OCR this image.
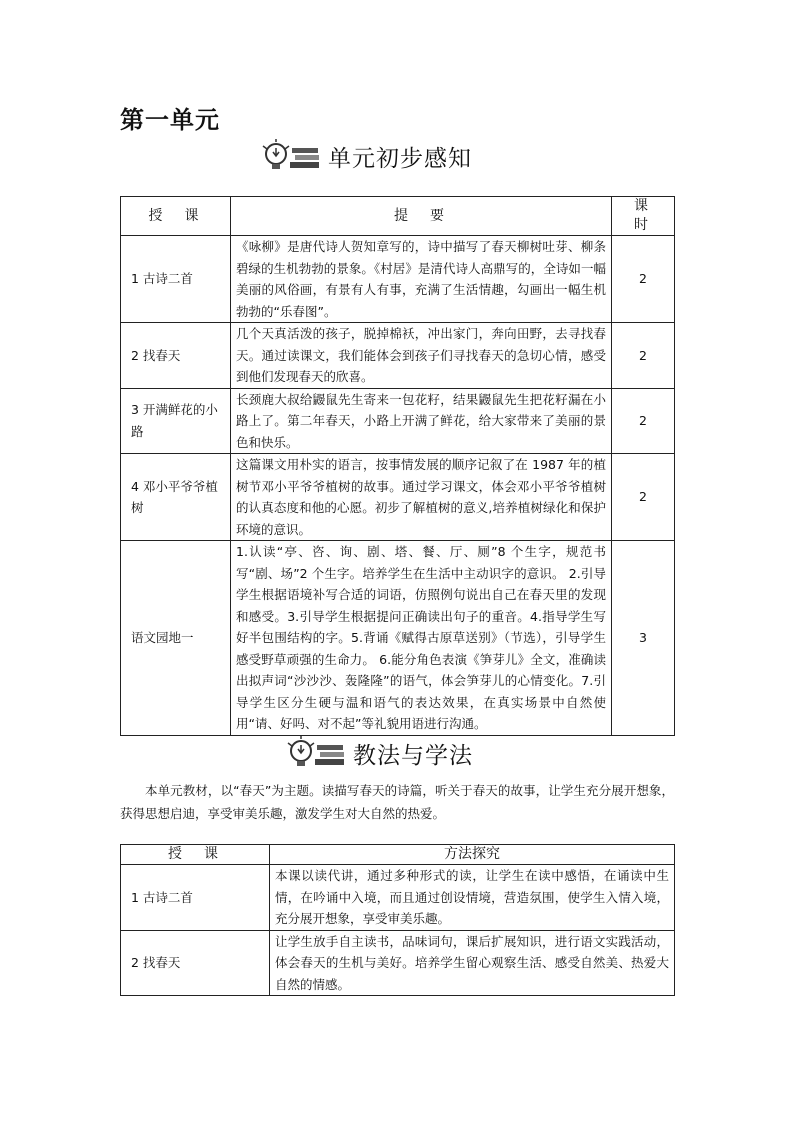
第一单元
单元初步感知
授　课	提　要	课　时
1 古诗二首	《咏柳》是唐代诗人贺知章写的，诗中描写了春天柳树吐芽、柳条碧绿的生机勃勃的景象。《村居》是清代诗人高鼎写的，全诗如一幅美丽的风俗画，有景有人有事，充满了生活情趣，勾画出一幅生机勃勃的“乐春图”。	2
2 找春天	几个天真活泼的孩子，脱掉棉袄，冲出家门，奔向田野，去寻找春天。通过读课文，我们能体会到孩子们寻找春天的急切心情，感受到他们发现春天的欣喜。	2
3 开满鲜花的小路	长颈鹿大叔给鼹鼠先生寄来一包花籽，结果鼹鼠先生把花籽漏在小路上了。第二年春天，小路上开满了鲜花，给大家带来了美丽的景色和快乐。	2
4 邓小平爷爷植树	这篇课文用朴实的语言，按事情发展的顺序记叙了在 1987 年的植树节邓小平爷爷植树的故事。通过学习课文，体会邓小平爷爷植树的认真态度和他的心愿。初步了解植树的意义,培养植树绿化和保护环境的意识。	2
语文园地一	1.认读“亭、咨、询、剧、塔、餐、厅、厕”8 个生字，规范书写“剧、场”2 个生字。培养学生在生活中主动识字的意识。 2.引导学生根据语境补写合适的词语，仿照例句说出自己在春天里的发现和感受。3.引导学生根据提问正确读出句子的重音。4.指导学生写好半包围结构的字。5.背诵《赋得古原草送别》（节选），引导学生感受野草顽强的生命力。 6.能分角色表演《笋芽儿》全文，准确读出拟声词“沙沙沙、轰隆隆”的语气，体会笋芽儿的心情变化。7.引导学生区分生硬与温和语气的表达效果，在真实场景中自然使用“请、好吗、对不起”等礼貌用语进行沟通。	3
教法与学法

本单元教材，以“春天”为主题。读描写春天的诗篇，听关于春天的故事，让学生充分展开想象，获得思想启迪，享受审美乐趣，激发学生对大自然的热爱。

授　课	方法探究
1 古诗二首	本课以读代讲，通过多种形式的读，让学生在读中感悟，在诵读中生情，在吟诵中入境，而且通过创设情境，营造氛围，使学生入情入境，充分展开想象，享受审美乐趣。
2 找春天	让学生放手自主读书，品味词句，课后扩展知识，进行语文实践活动，体会春天的生机与美好。培养学生留心观察生活、感受自然美、热爱大自然的情感。
